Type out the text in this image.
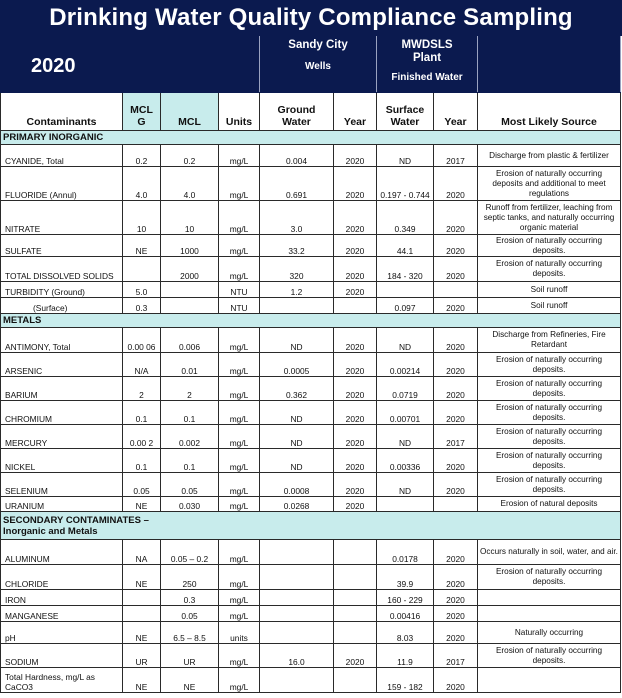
Drinking Water Quality Compliance Sampling
2020				Sandy City
Wells		MWDSLS
Plant
Finished Water		

Contaminants	MCL G	MCL	Units	Ground Water	Year	Surface Water	Year	Most Likely Source
PRIMARY INORGANIC								
CYANIDE, Total	0.2	0.2	mg/L	0.004	2020	ND	2017	Discharge from plastic & fertilizer
FLUORIDE (Annul)	4.0	4.0	mg/L	0.691	2020	0.197 - 0.744	2020	Erosion of naturally occurring deposits and additional to meet regulations
NITRATE	10	10	mg/L	3.0	2020	0.349	2020	Runoff from fertilizer, leaching from septic tanks, and naturally occurring organic material
SULFATE	NE	1000	mg/L	33.2	2020	44.1	2020	Erosion of naturally occurring deposits.
TOTAL DISSOLVED SOLIDS		2000	mg/L	320	2020	184 - 320	2020	Erosion of naturally occurring deposits.
TURBIDITY (Ground)	5.0		NTU	1.2	2020			Soil runoff
(Surface)	0.3		NTU			0.097	2020	Soil runoff
METALS								
ANTIMONY, Total	0.00 06	0.006	mg/L	ND	2020	ND	2020	Discharge from Refineries, Fire Retardant
ARSENIC	N/A	0.01	mg/L	0.0005	2020	0.00214	2020	Erosion of naturally occurring deposits.
BARIUM	2	2	mg/L	0.362	2020	0.0719	2020	Erosion of naturally occurring deposits.
CHROMIUM	0.1	0.1	mg/L	ND	2020	0.00701	2020	Erosion of naturally occurring deposits.
MERCURY	0.00 2	0.002	mg/L	ND	2020	ND	2017	Erosion of naturally occurring deposits.
NICKEL	0.1	0.1	mg/L	ND	2020	0.00336	2020	Erosion of naturally occurring deposits.
SELENIUM	0.05	0.05	mg/L	0.0008	2020	ND	2020	Erosion of naturally occurring deposits.
URANIUM	NE	0.030	mg/L	0.0268	2020			Erosion of natural deposits

SECONDARY CONTAMINATES –
Inorganic and Metals								

ALUMINUM	NA	0.05 – 0.2	mg/L			0.0178	2020	Occurs naturally in soil, water, and air.
CHLORIDE	NE	250	mg/L			39.9	2020	Erosion of naturally occurring deposits.
IRON		0.3	mg/L			160 - 229	2020	
MANGANESE		0.05	mg/L			0.00416	2020	
pH	NE	6.5 – 8.5	units			8.03	2020	Naturally occurring
SODIUM	UR	UR	mg/L	16.0	2020	11.9	2017	Erosion of naturally occurring deposits.
Total Hardness, mg/L as CaCO3	NE	NE	mg/L			159 - 182	2020	
